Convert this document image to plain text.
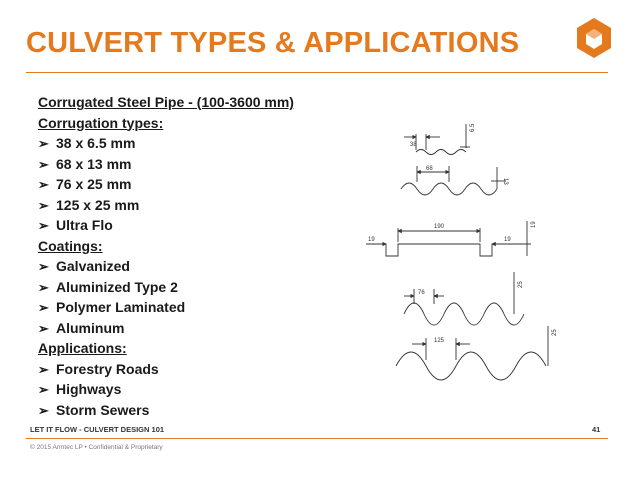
CULVERT TYPES & APPLICATIONS
Corrugated Steel Pipe - (100-3600 mm)
Corrugation types:
➢ 38 x 6.5 mm
➢ 68 x 13 mm
➢ 76 x 25 mm
➢ 125 x 25 mm
➢ Ultra Flo
Coatings:
➢ Galvanized
➢ Aluminized Type 2
➢ Polymer Laminated
➢ Aluminum
Applications:
➢ Forestry Roads
➢ Highways
➢ Storm Sewers
38
6.5
68
13
190
19	19
19
76
25
125
25
LET IT FLOW - CULVERT DESIGN 101	41
© 2015 Armtec LP • Confidential & Proprietary
